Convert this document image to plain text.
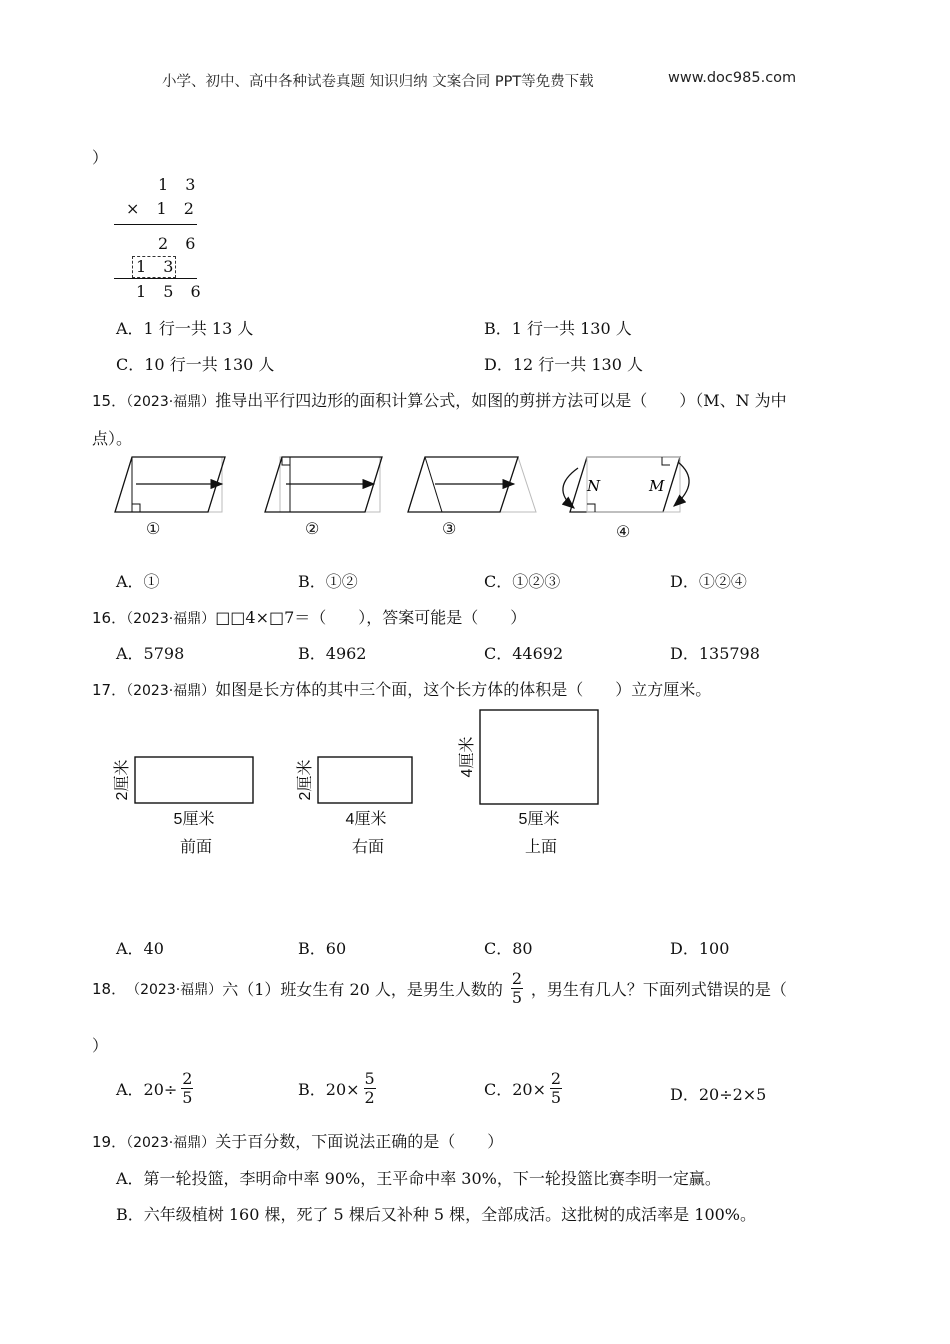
小学、初中、高中各种试卷真题 知识归纳 文案合同 PPT等免费下载	www.doc985.com
）
1 3
× 1 2
2 6
1 3
1 5 6
A．1 行一共 13 人	B．1 行一共 130 人
C．10 行一共 130 人	D．12 行一共 130 人
15．（2023·福鼎）推导出平行四边形的面积计算公式，如图的剪拼方法可以是（　　）（M、N 为中
点）。
N	M
①	②	③	④
A．①	B．①②	C．①②③	D．①②④
16．（2023·福鼎）□□4×□7＝（　　），答案可能是（　　）
A．5798	B．4962	C．44692	D．135798
17．（2023·福鼎）如图是长方体的其中三个面，这个长方体的体积是（　　）立方厘米。
2厘米
5厘米
前面
2厘米
4厘米
右面
4厘米
5厘米
上面
A．40	B．60	C．80	D．100
18． （2023·福鼎） 六（1）班女生有 20 人，是男生人数的 $\frac{2}{5}$ ，男生有几人？下面列式错误的是（
）
A．$20\div \frac{2}{5}$	B．$20\times \frac{5}{2}$	C．$20\times \frac{2}{5}$	D．20÷2×5
19．（2023·福鼎）关于百分数，下面说法正确的是（　　）
A．第一轮投篮，李明命中率 90%，王平命中率 30%，下一轮投篮比赛李明一定赢。
B．六年级植树 160 棵，死了 5 棵后又补种 5 棵，全部成活。这批树的成活率是 100%。
